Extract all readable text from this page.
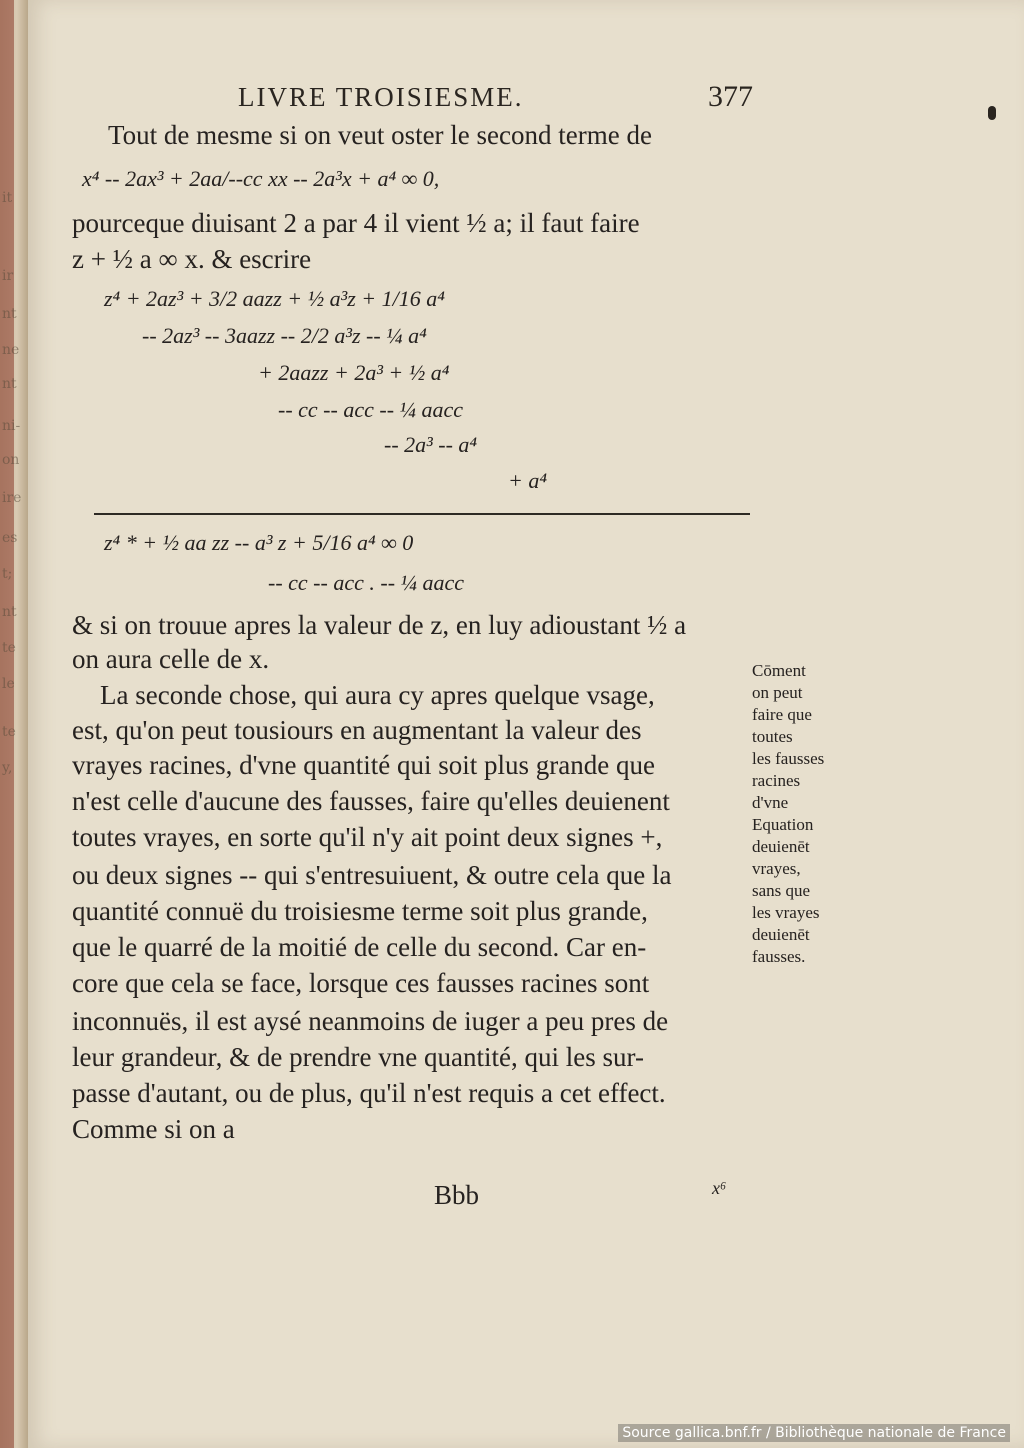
it
ir
nt
ne
nt
ni-
on
ire
es
t;
nt
te
le
te
y,
LIVRE TROISIESME.	377
Tout de mesme si on veut oster le second terme de
x⁴ -- 2ax³ + 2aa/--cc xx -- 2a³x + a⁴ ∞ 0,
pourceque diuisant 2 a par 4 il vient ½ a; il faut faire
z + ½ a ∞ x. & escrire
z⁴ + 2az³ + 3/2 aazz + ½ a³z + 1/16 a⁴
-- 2az³ -- 3aazz -- 2/2 a³z -- ¼ a⁴
+ 2aazz + 2a³ + ½ a⁴
-- cc -- acc -- ¼ aacc
-- 2a³ -- a⁴
+ a⁴
z⁴ * + ½ aa zz -- a³ z + 5/16 a⁴ ∞ 0
-- cc -- acc . -- ¼ aacc
& si on trouue apres la valeur de z, en luy adioustant ½ a
on aura celle de x.
La seconde chose, qui aura cy apres quelque vsage,
est, qu'on peut tousiours en augmentant la valeur des
vrayes racines, d'vne quantité qui soit plus grande que
n'est celle d'aucune des fausses, faire qu'elles deuienent
toutes vrayes, en sorte qu'il n'y ait point deux signes +,
ou deux signes -- qui s'entresuiuent, & outre cela que la
quantité connuë du troisiesme terme soit plus grande,
que le quarré de la moitié de celle du second. Car en-
core que cela se face, lorsque ces fausses racines sont
inconnuës, il est aysé neanmoins de iuger a peu pres de
leur grandeur, & de prendre vne quantité, qui les sur-
passe d'autant, ou de plus, qu'il n'est requis a cet effect.
Comme si on a
Cōment
on peut
faire que
toutes
les fausses
racines
d'vne
Equation
deuienēt
vrayes,
sans que
les vrayes
deuienēt
fausses.
Bbb	x⁶
Source gallica.bnf.fr / Bibliothèque nationale de France
